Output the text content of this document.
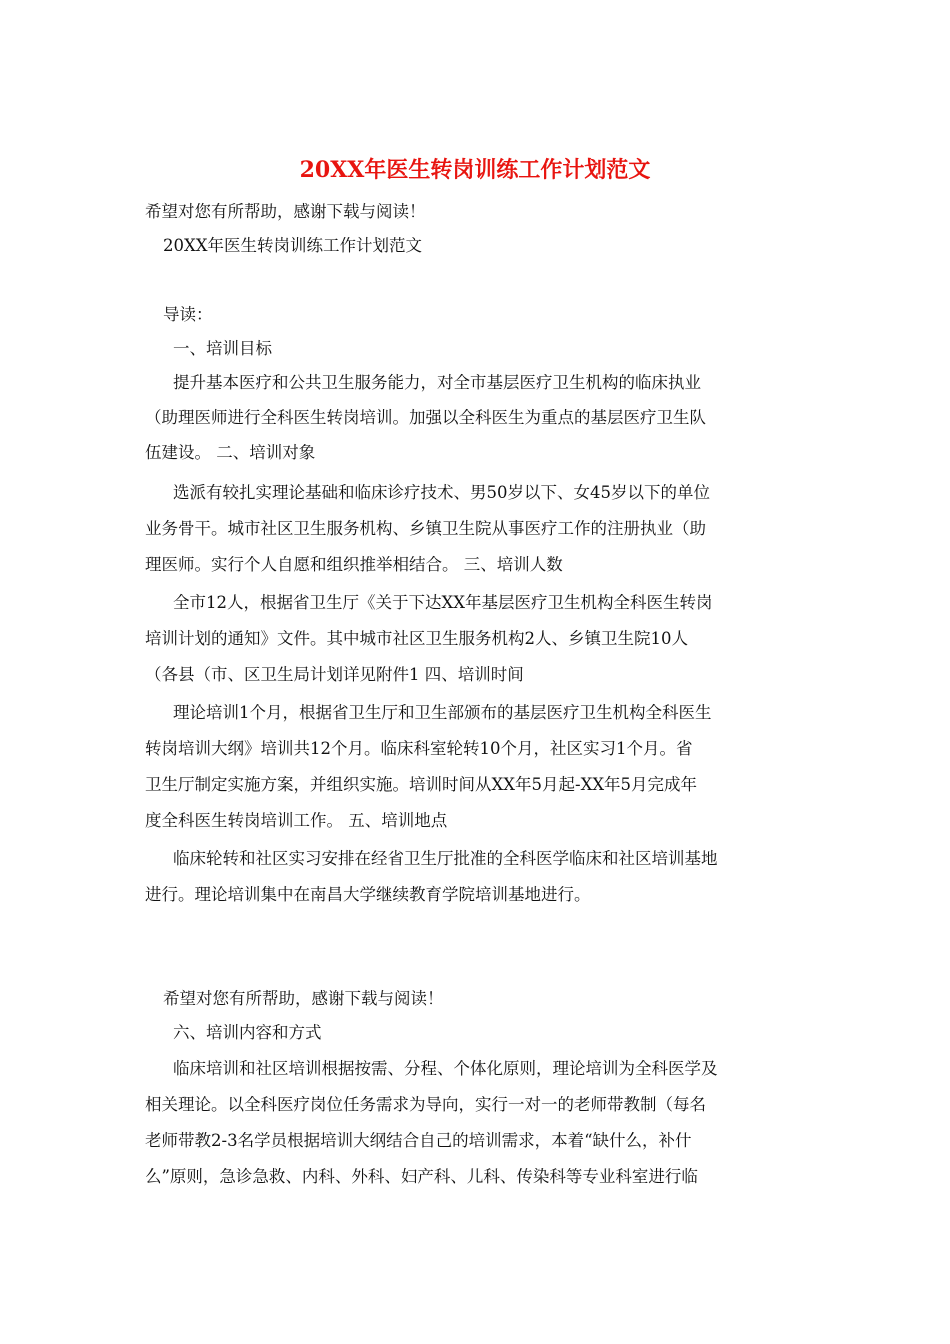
20XX年医生转岗训练工作计划范文

希望对您有所帮助，感谢下载与阅读！

20XX年医生转岗训练工作计划范文

导读：

一、培训目标

提升基本医疗和公共卫生服务能力，对全市基层医疗卫生机构的临床执业

（助理医师进行全科医生转岗培训。加强以全科医生为重点的基层医疗卫生队

伍建设。 二、培训对象

选派有较扎实理论基础和临床诊疗技术、男50岁以下、女45岁以下的单位

业务骨干。城市社区卫生服务机构、乡镇卫生院从事医疗工作的注册执业（助

理医师。实行个人自愿和组织推举相结合。 三、培训人数

全市12人，根据省卫生厅《关于下达XX年基层医疗卫生机构全科医生转岗

培训计划的通知》文件。其中城市社区卫生服务机构2人、乡镇卫生院10人

（各县（市、区卫生局计划详见附件1 四、培训时间

理论培训1个月，根据省卫生厅和卫生部颁布的基层医疗卫生机构全科医生

转岗培训大纲》培训共12个月。临床科室轮转10个月，社区实习1个月。省

卫生厅制定实施方案，并组织实施。培训时间从XX年5月起-XX年5月完成年

度全科医生转岗培训工作。 五、培训地点

临床轮转和社区实习安排在经省卫生厅批准的全科医学临床和社区培训基地

进行。理论培训集中在南昌大学继续教育学院培训基地进行。

希望对您有所帮助，感谢下载与阅读！

六、培训内容和方式

临床培训和社区培训根据按需、分程、个体化原则，理论培训为全科医学及

相关理论。以全科医疗岗位任务需求为导向，实行一对一的老师带教制（每名

老师带教2-3名学员根据培训大纲结合自己的培训需求，本着“缺什么，补什

么”原则，急诊急救、内科、外科、妇产科、儿科、传染科等专业科室进行临
